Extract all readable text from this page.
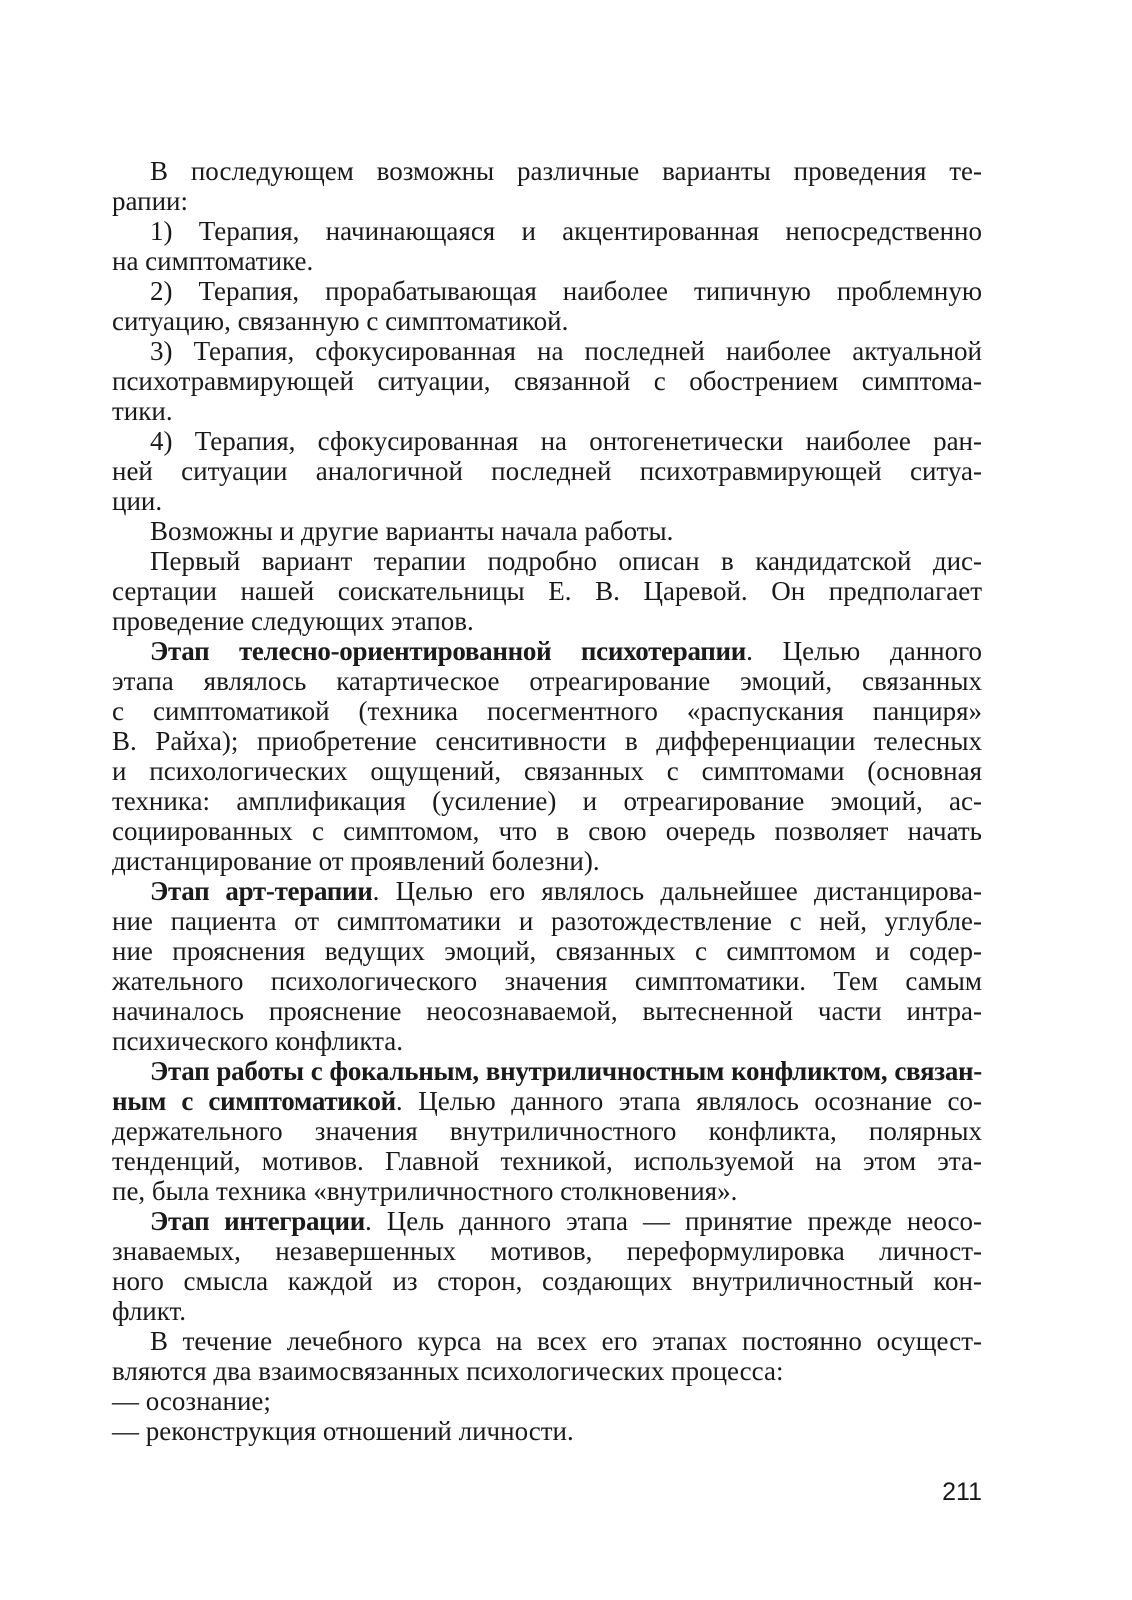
В последующем возможны различные варианты проведения те-
рапии:
1) Терапия, начинающаяся и акцентированная непосредственно
на симптоматике.
2) Терапия, прорабатывающая наиболее типичную проблемную
ситуацию, связанную с симптоматикой.
3) Терапия, сфокусированная на последней наиболее актуальной
психотравмирующей ситуации, связанной с обострением симптома-
тики.
4) Терапия, сфокусированная на онтогенетически наиболее ран-
ней ситуации аналогичной последней психотравмирующей ситуа-
ции.
Возможны и другие варианты начала работы.
Первый вариант терапии подробно описан в кандидатской дис-
сертации нашей соискательницы Е. В. Царевой. Он предполагает
проведение следующих этапов.
Этап телесно-ориентированной психотерапии. Целью данного
этапа являлось катартическое отреагирование эмоций, связанных
с симптоматикой (техника посегментного «распускания панциря»
В. Райха); приобретение сенситивности в дифференциации телесных
и психологических ощущений, связанных с симптомами (основная
техника: амплификация (усиление) и отреагирование эмоций, ас-
социированных с симптомом, что в свою очередь позволяет начать
дистанцирование от проявлений болезни).
Этап арт-терапии. Целью его являлось дальнейшее дистанцирова-
ние пациента от симптоматики и разотождествление с ней, углубле-
ние прояснения ведущих эмоций, связанных с симптомом и содер-
жательного психологического значения симптоматики. Тем самым
начиналось прояснение неосознаваемой, вытесненной части интра-
психического конфликта.
Этап работы с фокальным, внутриличностным конфликтом, связан-
ным с симптоматикой. Целью данного этапа являлось осознание со-
держательного значения внутриличностного конфликта, полярных
тенденций, мотивов. Главной техникой, используемой на этом эта-
пе, была техника «внутриличностного столкновения».
Этап интеграции. Цель данного этапа — принятие прежде неосо-
знаваемых, незавершенных мотивов, переформулировка личност-
ного смысла каждой из сторон, создающих внутриличностный кон-
фликт.
В течение лечебного курса на всех его этапах постоянно осущест-
вляются два взаимосвязанных психологических процесса:
— осознание;
— реконструкция отношений личности.
211
